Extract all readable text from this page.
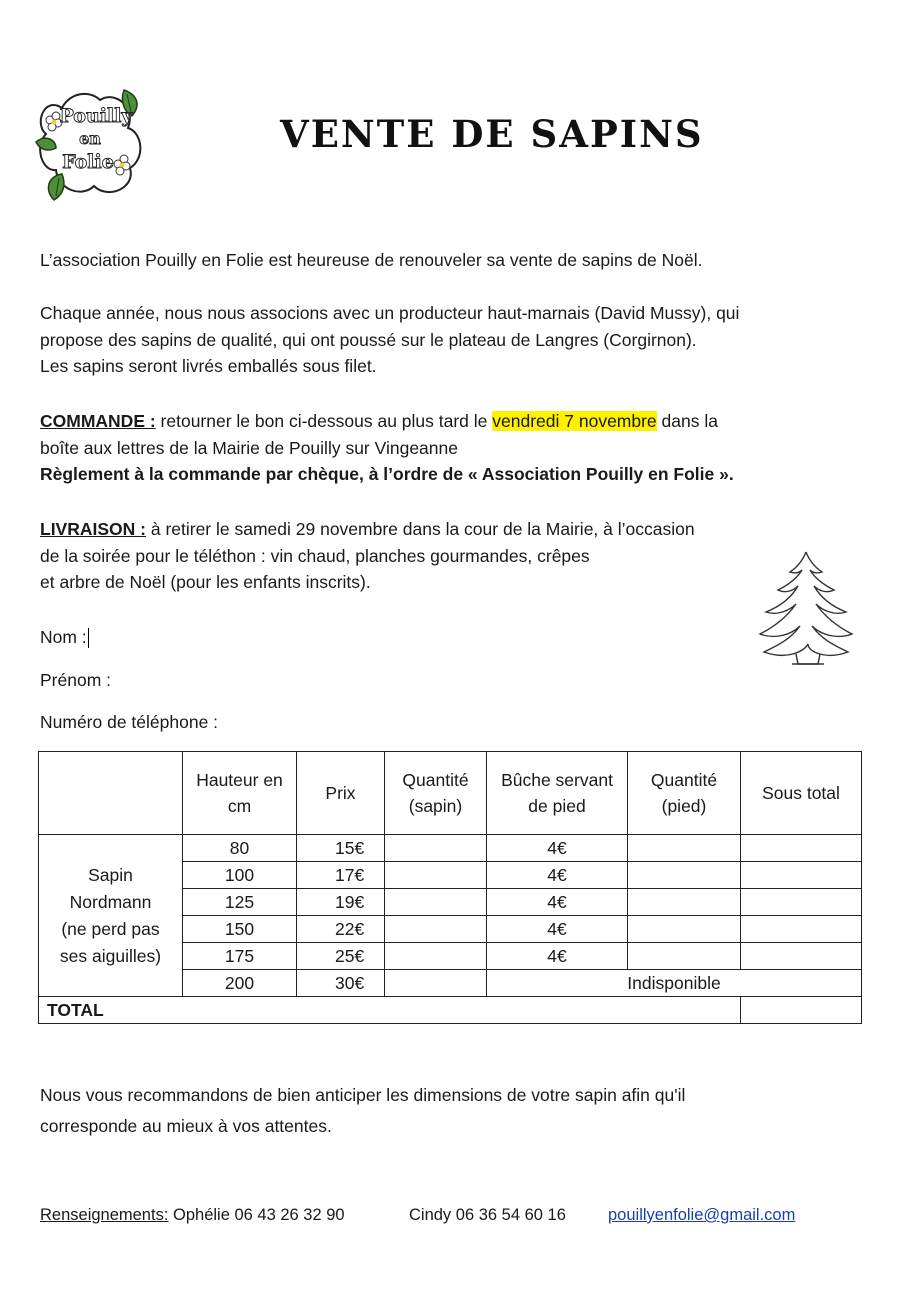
Pouilly
en
Folie
VENTE DE SAPINS
L’association Pouilly en Folie est heureuse de renouveler sa vente de sapins de Noël.
Chaque année, nous nous associons avec un producteur haut-marnais (David Mussy), qui
propose des sapins de qualité, qui ont poussé sur le plateau de Langres (Corgirnon).
Les sapins seront livrés emballés sous filet.
COMMANDE : retourner le bon ci-dessous au plus tard le vendredi 7 novembre dans la
boîte aux lettres de la Mairie de Pouilly sur Vingeanne
Règlement à la commande par chèque, à l’ordre de « Association Pouilly en Folie ».
LIVRAISON : à retirer le samedi 29 novembre dans la cour de la Mairie, à l’occasion
de la soirée pour le téléthon : vin chaud, planches gourmandes, crêpes
et arbre de Noël (pour les enfants inscrits).
Nom :
Prénom :
Numéro de téléphone :
	Hauteur en cm	Prix	Quantité (sapin)	Bûche servant de pied	Quantité (pied)	Sous total

Sapin
Nordmann
(ne perd pas
ses aiguilles)	80	15€		4€		
	100	17€		4€		
	125	19€		4€		
	150	22€		4€		
	175	25€		4€		
	200	30€		Indisponible		
TOTAL						
Nous vous recommandons de bien anticiper les dimensions de votre sapin afin qu'il
corresponde au mieux à vos attentes.
Renseignements: Ophélie 06 43 26 32 90	Cindy 06 36 54 60 16	pouillyenfolie@gmail.com
